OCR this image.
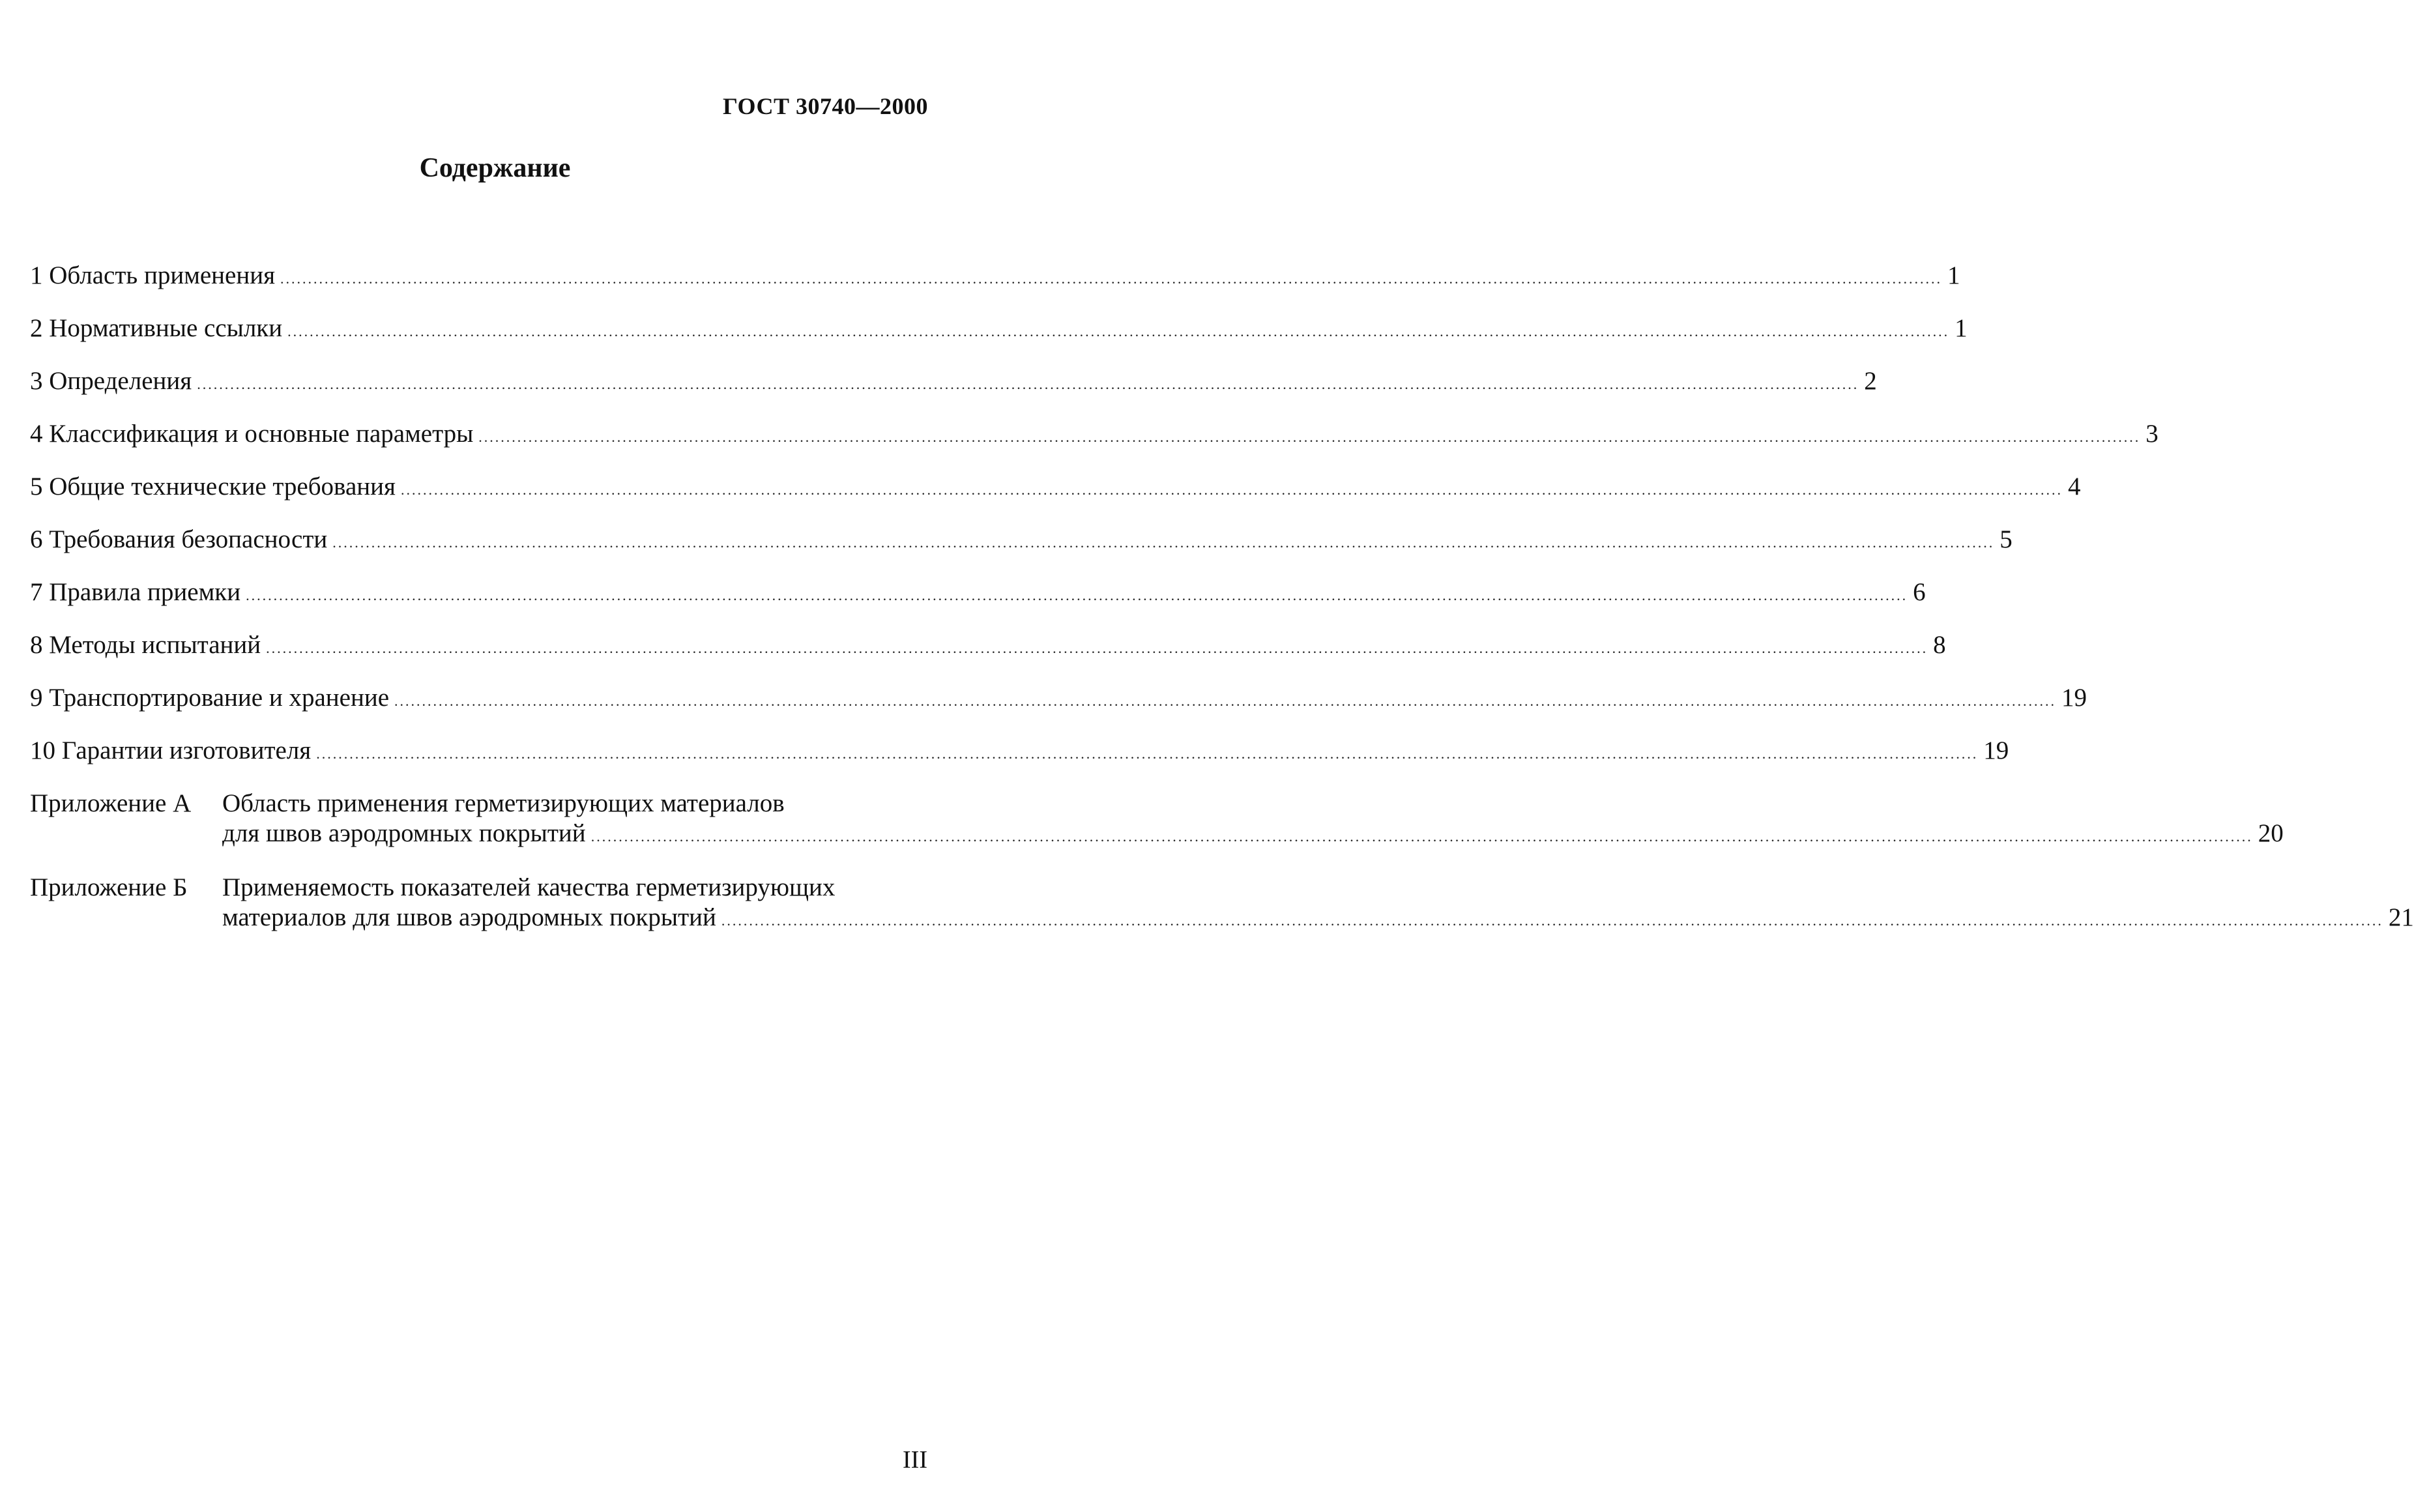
ГОСТ 30740—2000
Содержание
1 Область применения .....	1
2 Нормативные ссылки .....	1
3 Определения .....	2
4 Классификация и основные параметры .....	3
5 Общие технические требования .....	4
6 Требования безопасности .....	5
7 Правила приемки .....	6
8 Методы испытаний .....	8
9 Транспортирование и хранение .....	19
10 Гарантии изготовителя .....	19
Приложение А	Область применения герметизирующих материалов
для швов аэродромных покрытий .....	20
Приложение Б	Применяемость показателей качества герметизирующих
материалов для швов аэродромных покрытий .....	21
III
